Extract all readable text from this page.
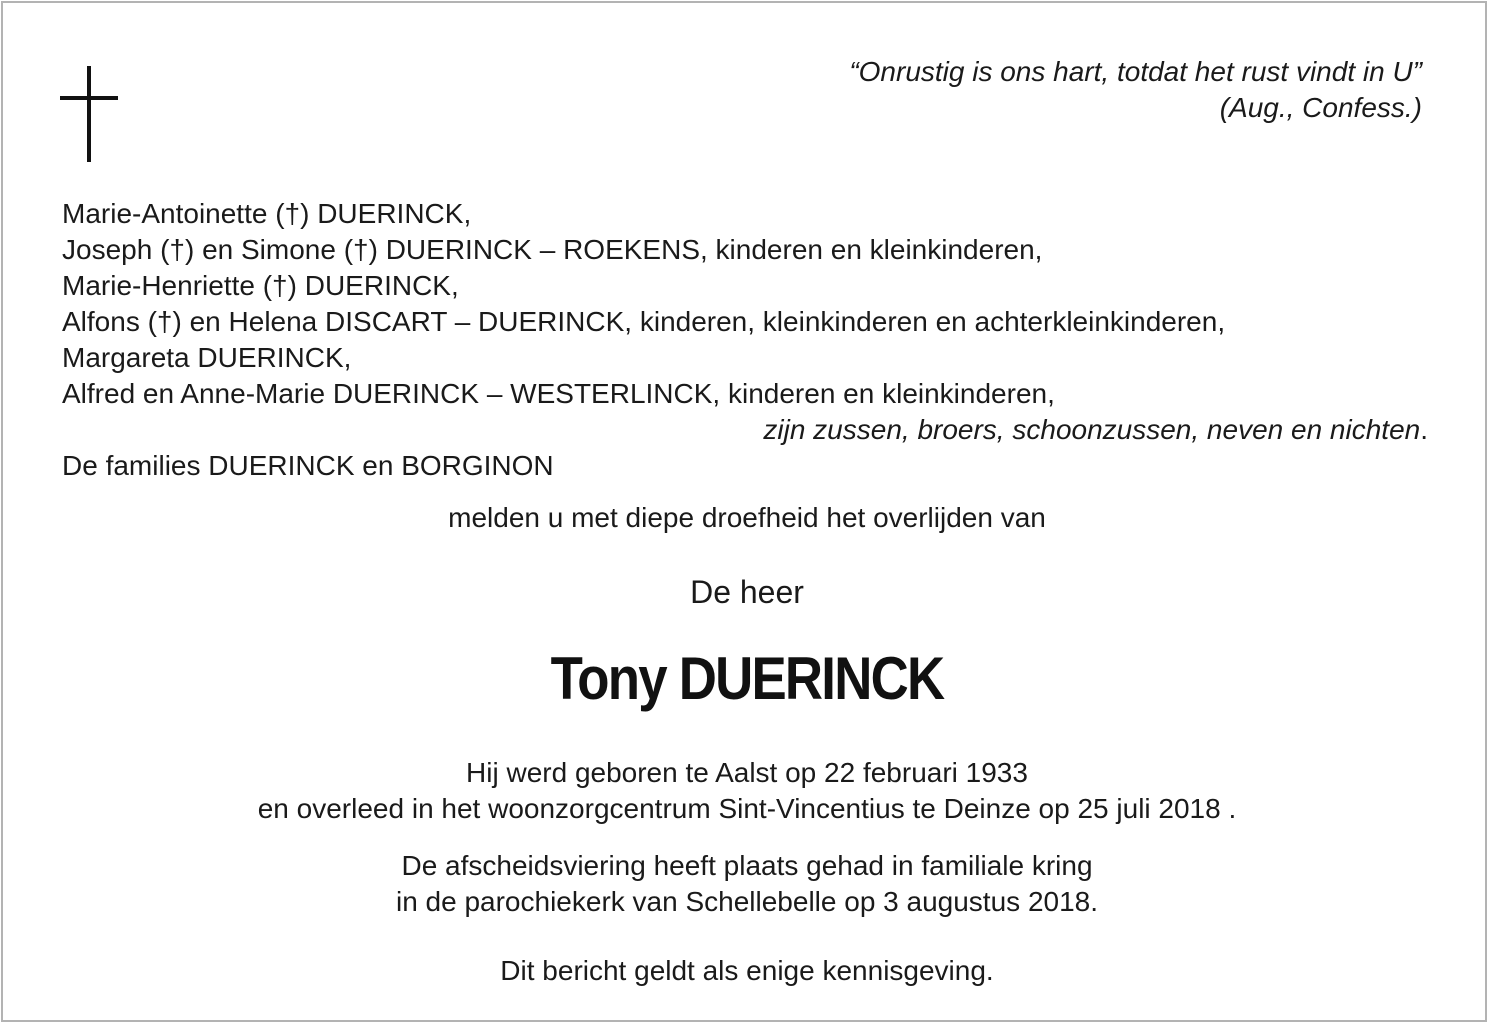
“Onrustig is ons hart, totdat het rust vindt in U”
(Aug., Confess.)
Marie-Antoinette (†) DUERINCK,
Joseph (†) en Simone (†) DUERINCK – ROEKENS, kinderen en kleinkinderen,
Marie-Henriette (†) DUERINCK,
Alfons (†) en Helena DISCART – DUERINCK, kinderen, kleinkinderen en achterkleinkinderen,
Margareta DUERINCK,
Alfred en Anne-Marie DUERINCK – WESTERLINCK, kinderen en kleinkinderen,
zijn zussen, broers, schoonzussen, neven en nichten.
De families DUERINCK en BORGINON
melden u met diepe droefheid het overlijden van
De heer
Tony DUERINCK
Hij werd geboren te Aalst op 22 februari 1933
en overleed in het woonzorgcentrum Sint-Vincentius te Deinze op 25 juli 2018 .
De afscheidsviering heeft plaats gehad in familiale kring
in de parochiekerk van Schellebelle op 3 augustus 2018.
Dit bericht geldt als enige kennisgeving.
